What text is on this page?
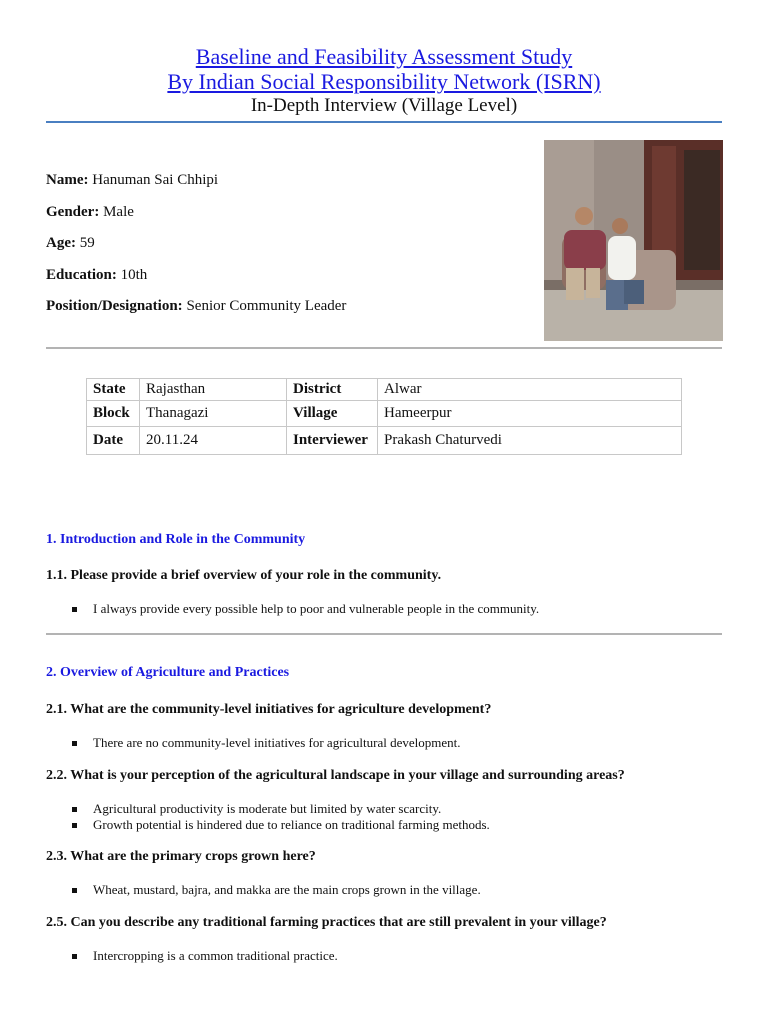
Baseline and Feasibility Assessment Study
By Indian Social Responsibility Network (ISRN)
In-Depth Interview (Village Level)
Name: Hanuman Sai Chhipi
Gender: Male
Age: 59
Education: 10th
Position/Designation: Senior Community Leader
State	Rajasthan	District	Alwar
Block	Thanagazi	Village	Hameerpur
Date	20.11.24	Interviewer	Prakash Chaturvedi
1. Introduction and Role in the Community
1.1. Please provide a brief overview of your role in the community.
I always provide every possible help to poor and vulnerable people in the community.
2. Overview of Agriculture and Practices
2.1. What are the community-level initiatives for agriculture development?
There are no community-level initiatives for agricultural development.
2.2. What is your perception of the agricultural landscape in your village and surrounding areas?
Agricultural productivity is moderate but limited by water scarcity.
Growth potential is hindered due to reliance on traditional farming methods.
2.3. What are the primary crops grown here?
Wheat, mustard, bajra, and makka are the main crops grown in the village.
2.5. Can you describe any traditional farming practices that are still prevalent in your village?
Intercropping is a common traditional practice.
